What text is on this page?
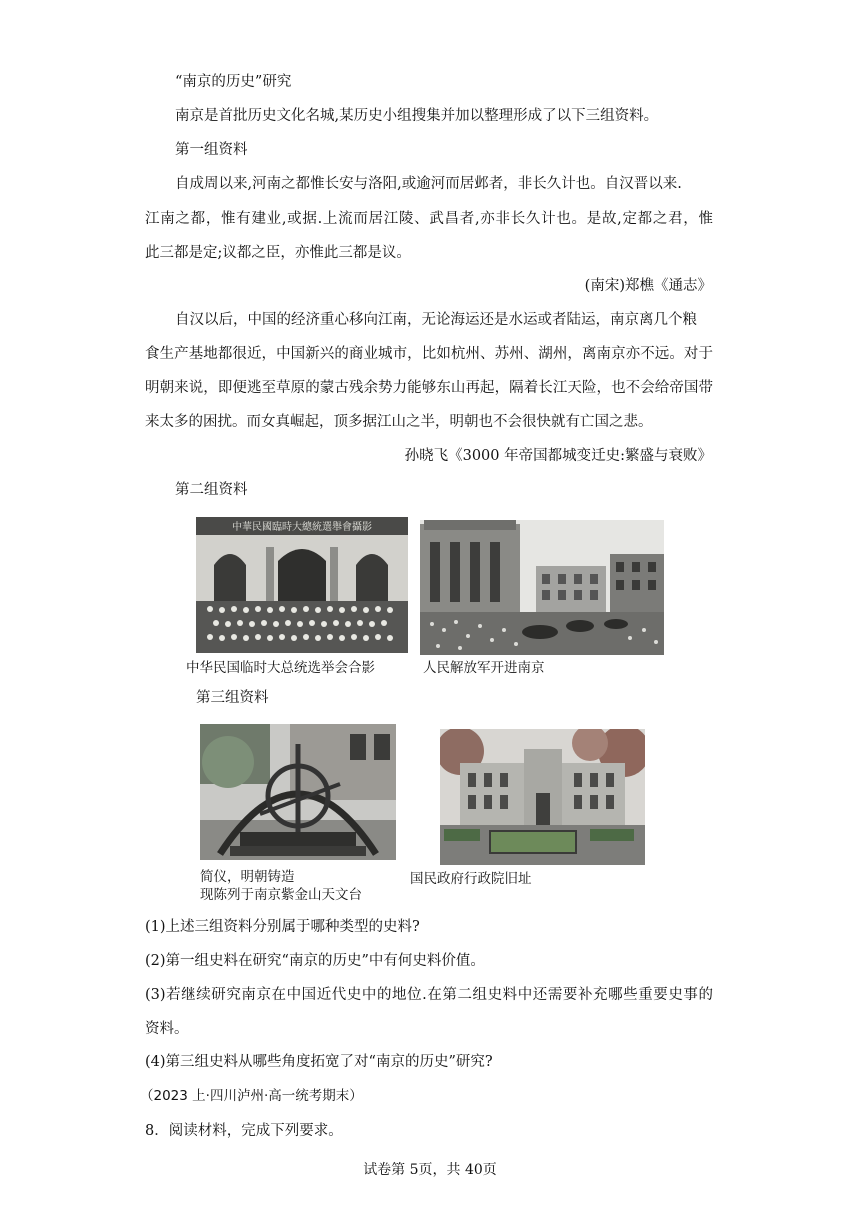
“南京的历史”研究
南京是首批历史文化名城,某历史小组搜集并加以整理形成了以下三组资料。
第一组资料
自成周以来,河南之都惟长安与洛阳,或逾河而居邺者，非长久计也。自汉晋以来.
江南之都，惟有建业,或据.上流而居江陵、武昌者,亦非长久计也。是故,定都之君，惟
此三都是定;议都之臣，亦惟此三都是议。
(南宋)郑樵《通志》
自汉以后，中国的经济重心移向江南，无论海运还是水运或者陆运，南京离几个粮
食生产基地都很近，中国新兴的商业城市，比如杭州、苏州、湖州，离南京亦不远。对于
明朝来说，即便逃至草原的蒙古残余势力能够东山再起，隔着长江天险，也不会给帝国带
来太多的困扰。而女真崛起，顶多据江山之半，明朝也不会很快就有亡国之悲。
孙晓飞《3000 年帝国都城变迁史:繁盛与衰败》
第二组资料
中華民國臨時大總統選舉會攝影
中华民国临时大总统选举会合影	人民解放军开进南京
第三组资料
简仪，明朝铸造
现陈列于南京紫金山天文台
国民政府行政院旧址
(1)上述三组资料分别属于哪种类型的史料?
(2)第一组史料在研究“南京的历史”中有何史料价值。
(3)若继续研究南京在中国近代史中的地位.在第二组史料中还需要补充哪些重要史事的
资料。
(4)第三组史料从哪些角度拓宽了对“南京的历史”研究?
（2023 上·四川泸州·高一统考期末）
8．阅读材料，完成下列要求。
试卷第 5页，共 40页
